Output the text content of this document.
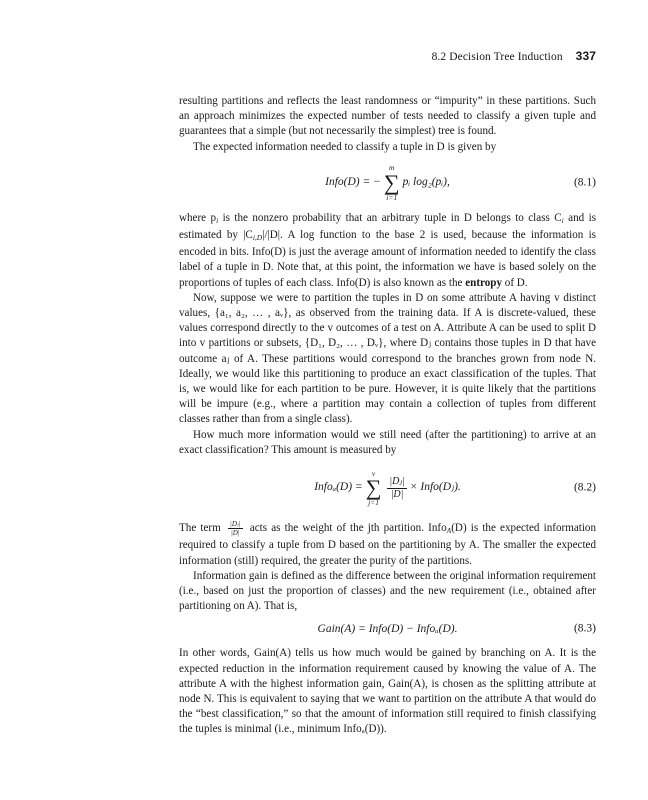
8.2 Decision Tree Induction 337

resulting partitions and reflects the least randomness or “impurity” in these partitions. Such an approach minimizes the expected number of tests needed to classify a given tuple and guarantees that a simple (but not necessarily the simplest) tree is found.

The expected information needed to classify a tuple in D is given by

Info(D) = −
m
∑
i=1
pᵢ log₂(pᵢ),	(8.1)

where $p_i$ is the nonzero probability that an arbitrary tuple in D belongs to class $C_i$ and is estimated by $|C_{i,D}|/|D|$. A log function to the base 2 is used, because the information is encoded in bits. Info(D) is just the average amount of information needed to identify the class label of a tuple in D. Note that, at this point, the information we have is based solely on the proportions of tuples of each class. Info(D) is also known as the entropy of D.

Now, suppose we were to partition the tuples in D on some attribute A having v distinct values, {a₁, a₂, … , aᵥ}, as observed from the training data. If A is discrete-valued, these values correspond directly to the v outcomes of a test on A. Attribute A can be used to split D into v partitions or subsets, {D₁, D₂, … , Dᵥ}, where Dⱼ contains those tuples in D that have outcome aⱼ of A. These partitions would correspond to the branches grown from node N. Ideally, we would like this partitioning to produce an exact classification of the tuples. That is, we would like for each partition to be pure. However, it is quite likely that the partitions will be impure (e.g., where a partition may contain a collection of tuples from different classes rather than from a single class).

How much more information would we still need (after the partitioning) to arrive at an exact classification? This amount is measured by

Infoₐ(D) =
v
∑
j=1
$\frac{\text{|Dⱼ|}}{|D|}$ × Info(Dⱼ).	(8.2)

The term $\frac{\text{|Dⱼ|}}{|D|}$ acts as the weight of the jth partition. Info$_A$(D) is the expected information required to classify a tuple from D based on the partitioning by A. The smaller the expected information (still) required, the greater the purity of the partitions.

Information gain is defined as the difference between the original information requirement (i.e., based on just the proportion of classes) and the new requirement (i.e., obtained after partitioning on A). That is,

Gain(A) = Info(D) − Infoₐ(D).	(8.3)

In other words, Gain(A) tells us how much would be gained by branching on A. It is the expected reduction in the information requirement caused by knowing the value of A. The attribute A with the highest information gain, Gain(A), is chosen as the splitting attribute at node N. This is equivalent to saying that we want to partition on the attribute A that would do the “best classification,” so that the amount of information still required to finish classifying the tuples is minimal (i.e., minimum Infoₐ(D)).
